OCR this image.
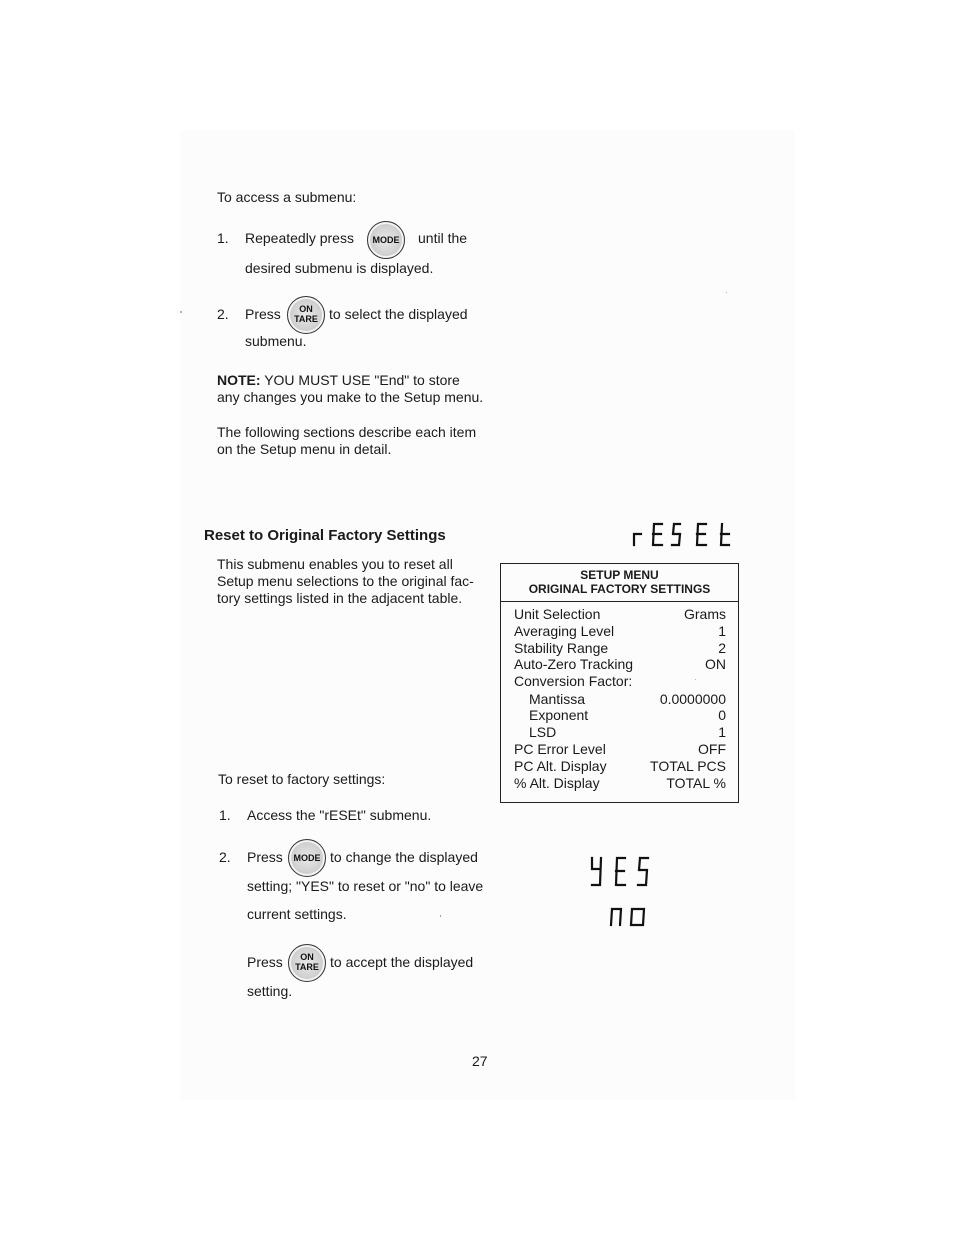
To access a submenu:
1. Repeatedly press	MODE	until the
desired submenu is displayed.
2. Press	ON
TARE to select the displayed
submenu.
NOTE: YOU MUST USE "End" to store
any changes you make to the Setup menu.
The following sections describe each item
on the Setup menu in detail.
Reset to Original Factory Settings
This submenu enables you to reset all
Setup menu selections to the original fac-
tory settings listed in the adjacent table.
SETUP MENU
ORIGINAL FACTORY SETTINGS
Unit Selection	Grams
Averaging Level	1
Stability Range	2
Auto-Zero Tracking	ON
Conversion Factor:
Mantissa	0.0000000
Exponent	0
LSD	1
PC Error Level	OFF
PC Alt. Display	TOTAL PCS
% Alt. Display	TOTAL %
To reset to factory settings:
1. Access the "rESEt" submenu.
2. Press	MODE to change the displayed
setting; "YES" to reset or "no" to leave
current settings.
Press	ON
TARE to accept the displayed
setting.
27
